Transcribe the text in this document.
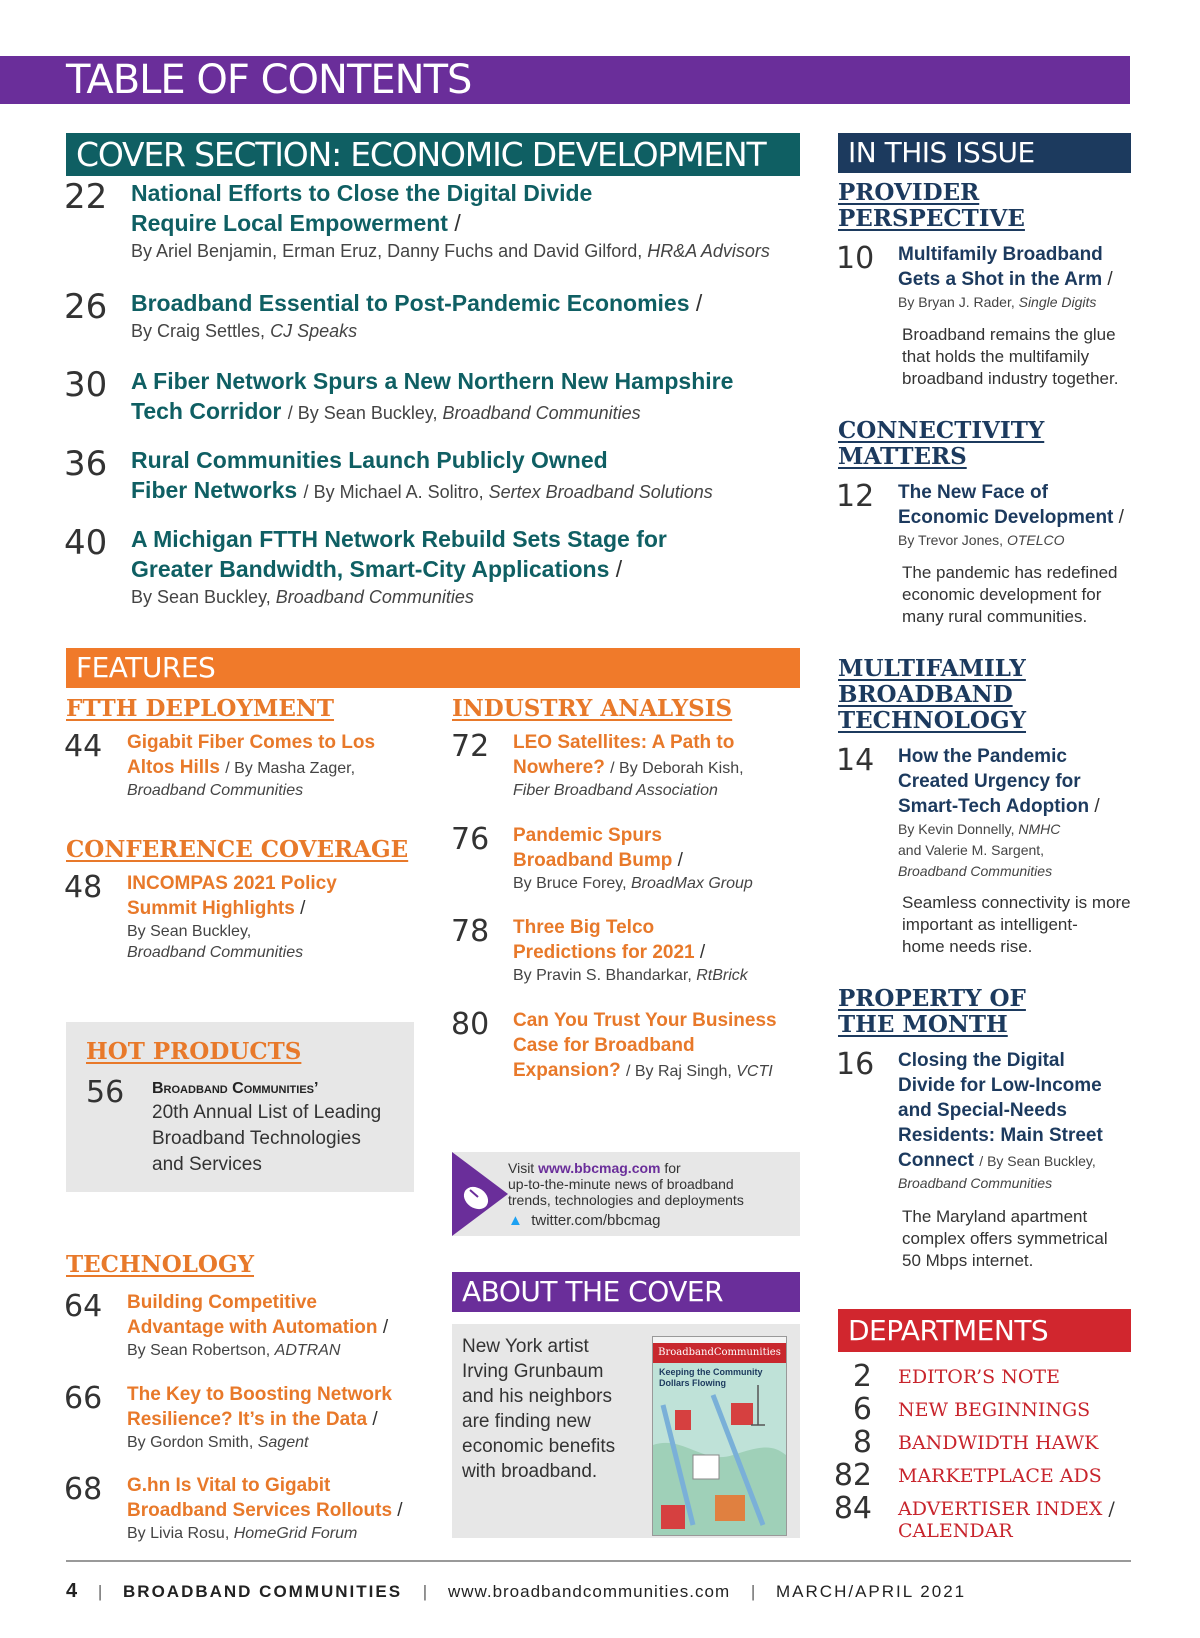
TABLE OF CONTENTS
COVER SECTION: ECONOMIC DEVELOPMENT
22 National Efforts to Close the Digital Divide
Require Local Empowerment /
By Ariel Benjamin, Erman Eruz, Danny Fuchs and David Gilford, HR&A Advisors
26 Broadband Essential to Post-Pandemic Economies /
By Craig Settles, CJ Speaks
30 A Fiber Network Spurs a New Northern New Hampshire
Tech Corridor / By Sean Buckley, Broadband Communities
36 Rural Communities Launch Publicly Owned
Fiber Networks / By Michael A. Solitro, Sertex Broadband Solutions
40 A Michigan FTTH Network Rebuild Sets Stage for
Greater Bandwidth, Smart-City Applications /
By Sean Buckley, Broadband Communities
FEATURES
FTTH DEPLOYMENT
44 Gigabit Fiber Comes to Los
Altos Hills / By Masha Zager,
Broadband Communities
CONFERENCE COVERAGE
48 INCOMPAS 2021 Policy
Summit Highlights /
By Sean Buckley,
Broadband Communities
HOT PRODUCTS
56 Broadband Communities’
20th Annual List of Leading
Broadband Technologies
and Services
TECHNOLOGY
64 Building Competitive
Advantage with Automation /
By Sean Robertson, ADTRAN
66 The Key to Boosting Network
Resilience? It’s in the Data /
By Gordon Smith, Sagent
68 G.hn Is Vital to Gigabit
Broadband Services Rollouts /
By Livia Rosu, HomeGrid Forum
INDUSTRY ANALYSIS
72 LEO Satellites: A Path to
Nowhere? / By Deborah Kish,
Fiber Broadband Association
76 Pandemic Spurs
Broadband Bump /
By Bruce Forey, BroadMax Group
78 Three Big Telco
Predictions for 2021 /
By Pravin S. Bhandarkar, RtBrick
80 Can You Trust Your Business
Case for Broadband
Expansion? / By Raj Singh, VCTI
Visit www.bbcmag.com for
up-to-the-minute news of broadband
trends, technologies and deployments
▲ twitter.com/bbcmag
ABOUT THE COVER
New York artist
Irving Grunbaum
and his neighbors
are finding new
economic benefits
with broadband.
BroadbandCommunities
Keeping the Community
Dollars Flowing
IN THIS ISSUE
PROVIDER
PERSPECTIVE
10 Multifamily Broadband
Gets a Shot in the Arm /
By Bryan J. Rader, Single Digits
Broadband remains the glue
that holds the multifamily
broadband industry together.
CONNECTIVITY
MATTERS
12 The New Face of
Economic Development /
By Trevor Jones, OTELCO
The pandemic has redefined
economic development for
many rural communities.
MULTIFAMILY
BROADBAND
TECHNOLOGY
14 How the Pandemic
Created Urgency for
Smart-Tech Adoption /
By Kevin Donnelly, NMHC
and Valerie M. Sargent,
Broadband Communities
Seamless connectivity is more
important as intelligent-
home needs rise.
PROPERTY OF
THE MONTH
16 Closing the Digital
Divide for Low-Income
and Special-Needs
Residents: Main Street
Connect / By Sean Buckley,
Broadband Communities
The Maryland apartment
complex offers symmetrical
50 Mbps internet.
DEPARTMENTS
2 EDITOR’S NOTE
6 NEW BEGINNINGS
8 BANDWIDTH HAWK
82 MARKETPLACE ADS
84 ADVERTISER INDEX /
CALENDAR
4 | BROADBAND COMMUNITIES | www.broadbandcommunities.com | MARCH/APRIL 2021
